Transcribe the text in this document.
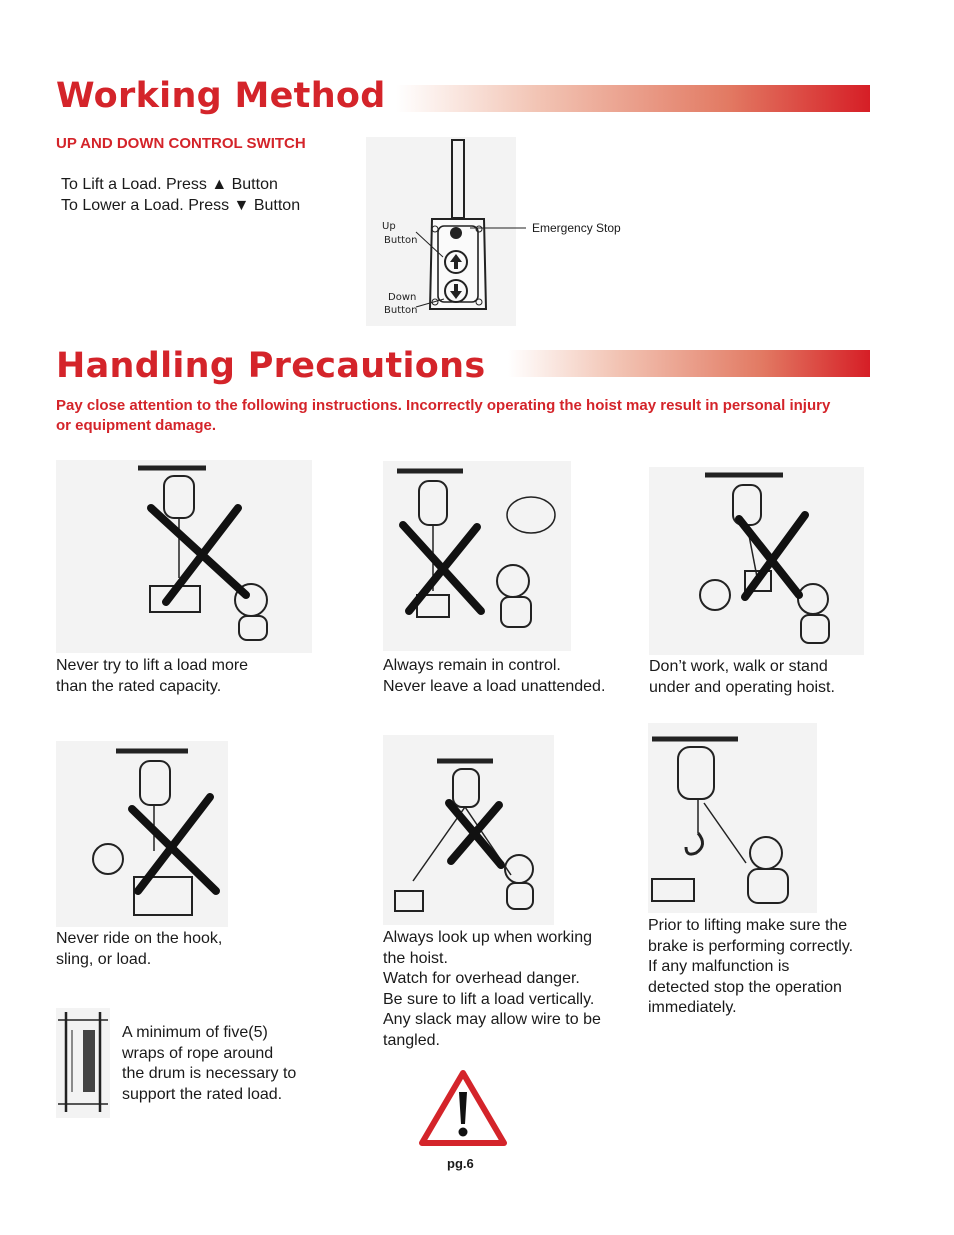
Working Method
UP AND DOWN CONTROL SWITCH
To Lift a Load. Press ▲ Button
To Lower a Load. Press ▼ Button
Up
Button
Down
Button
Emergency Stop
Handling Precautions
Pay close attention to the following instructions. Incorrectly operating the hoist may result in personal injury or equipment damage.
Never try to lift a load more
than the rated capacity.
Always remain in control.
Never leave a load unattended.
Don’t work, walk or stand
under and operating hoist.
Never ride on the hook,
sling, or load.
Always look up when working
the hoist.
Watch for overhead danger.
Be sure to lift a load vertically.
Any slack may allow wire to be
tangled.
Prior to lifting make sure the
brake is performing correctly.
If any malfunction is
detected stop the operation
immediately.
A minimum of five(5)
wraps of rope around
the drum is necessary to
support the rated load.
pg.6
